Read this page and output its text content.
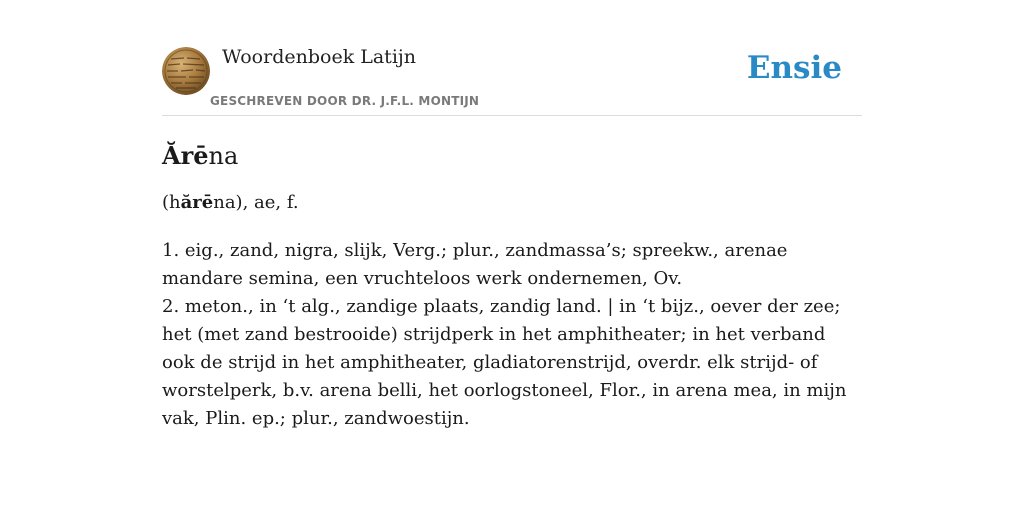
Woordenboek Latijn
GESCHREVEN DOOR DR. J.F.L. MONTIJN
Ensie
Ărēna
(hărēna), ae, f.

1. eig., zand, nigra, slijk, Verg.; plur., zandmassa’s; spreekw., arenae mandare semina, een vruchteloos werk ondernemen, Ov.

2. meton., in ‘t alg., zandige plaats, zandig land. | in ‘t bijz., oever der zee; het (met zand bestrooide) strijdperk in het amphitheater; in het verband ook de strijd in het amphitheater, gladiatorenstrijd, overdr. elk strijd- of worstelperk, b.v. arena belli, het oorlogstoneel, Flor., in arena mea, in mijn vak, Plin. ep.; plur., zandwoestijn.
